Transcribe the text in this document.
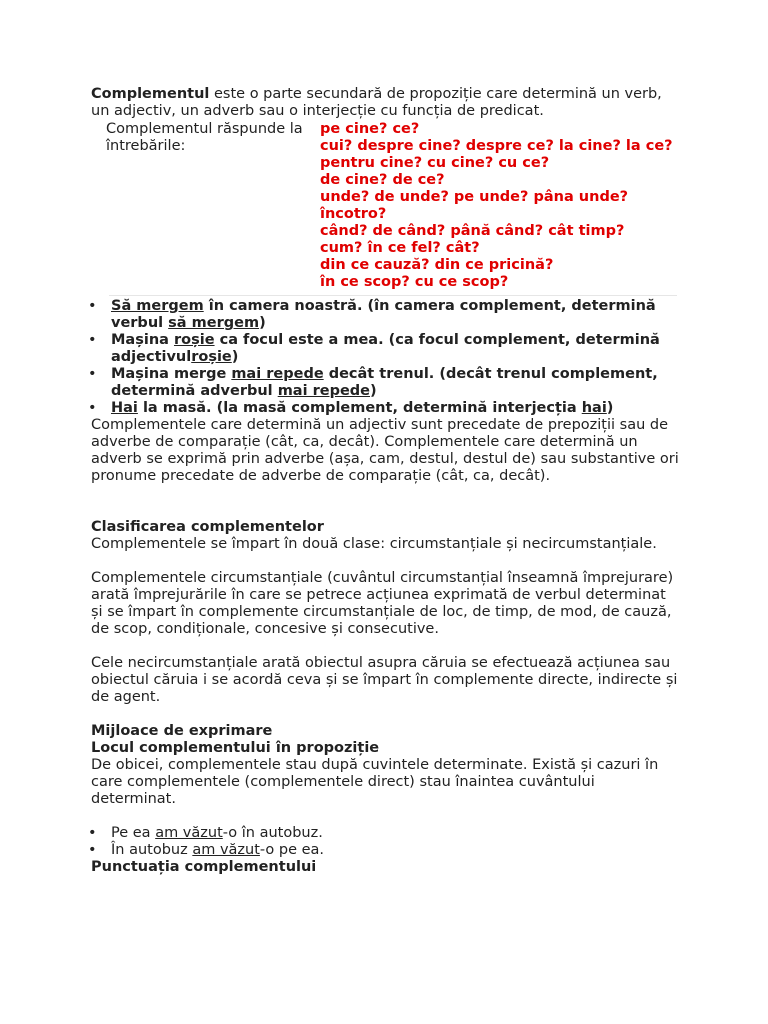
Complementul este o parte secundară de propoziție care determină un verb, un adjectiv, un adverb sau o interjecție cu funcția de predicat.

Complementul răspunde la întrebările:
pe cine? ce?
cui? despre cine? despre ce? la cine? la ce? pentru cine? cu cine? cu ce?
de cine? de ce?
unde? de unde? pe unde? pâna unde? încotro?
când? de când? până când? cât timp?
cum? în ce fel? cât?
din ce cauză? din ce pricină?
în ce scop? cu ce scop?
• Să mergem în camera noastră. (în camera complement, determină verbul să mergem)
• Mașina roșie ca focul este a mea. (ca focul complement, determină adjectivulroșie)
• Mașina merge mai repede decât trenul. (decât trenul complement, determină adverbul mai repede)
• Hai la masă. (la masă complement, determină interjecția hai)

Complementele care determină un adjectiv sunt precedate de prepoziții sau de adverbe de comparație (cât, ca, decât). Complementele care determină un adverb se exprimă prin adverbe (așa, cam, destul, destul de) sau substantive ori pronume precedate de adverbe de comparație (cât, ca, decât).

Clasificarea complementelor

Complementele se împart în două clase: circumstanțiale și necircumstanțiale.

Complementele circumstanțiale (cuvântul circumstanțial înseamnă împrejurare) arată împrejurările în care se petrece acțiunea exprimată de verbul determinat și se împart în complemente circumstanțiale de loc, de timp, de mod, de cauză, de scop, condiționale, concesive și consecutive.

Cele necircumstanțiale arată obiectul asupra căruia se efectuează acțiunea sau obiectul căruia i se acordă ceva și se împart în complemente directe, indirecte și de agent.

Mijloace de exprimare

Locul complementului în propoziție

De obicei, complementele stau după cuvintele determinate. Există și cazuri în care complementele (complementele direct) stau înaintea cuvântului determinat.

• Pe ea am văzut-o în autobuz.
• În autobuz am văzut-o pe ea.

Punctuația complementului
